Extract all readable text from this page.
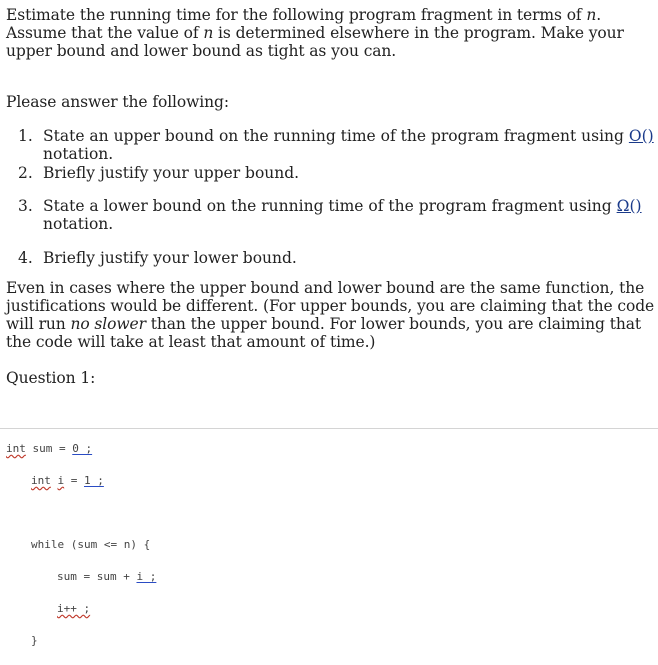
Estimate the running time for the following program fragment in terms of n. Assume that the value of n is determined elsewhere in the program. Make your upper bound and lower bound as tight as you can.

Please answer the following:

1. State an upper bound on the running time of the program fragment using O()
notation.
2. Briefly justify your upper bound.
3. State a lower bound on the running time of the program fragment using Ω()
notation.
4. Briefly justify your lower bound.

Even in cases where the upper bound and lower bound are the same function, the justifications would be different. (For upper bounds, you are claiming that the code will run no slower than the upper bound. For lower bounds, you are claiming that the code will take at least that amount of time.)

Question 1:

int sum = 0 ;
int i = 1 ;
while (sum <= n) {
sum = sum + i ;
i++ ;
}
